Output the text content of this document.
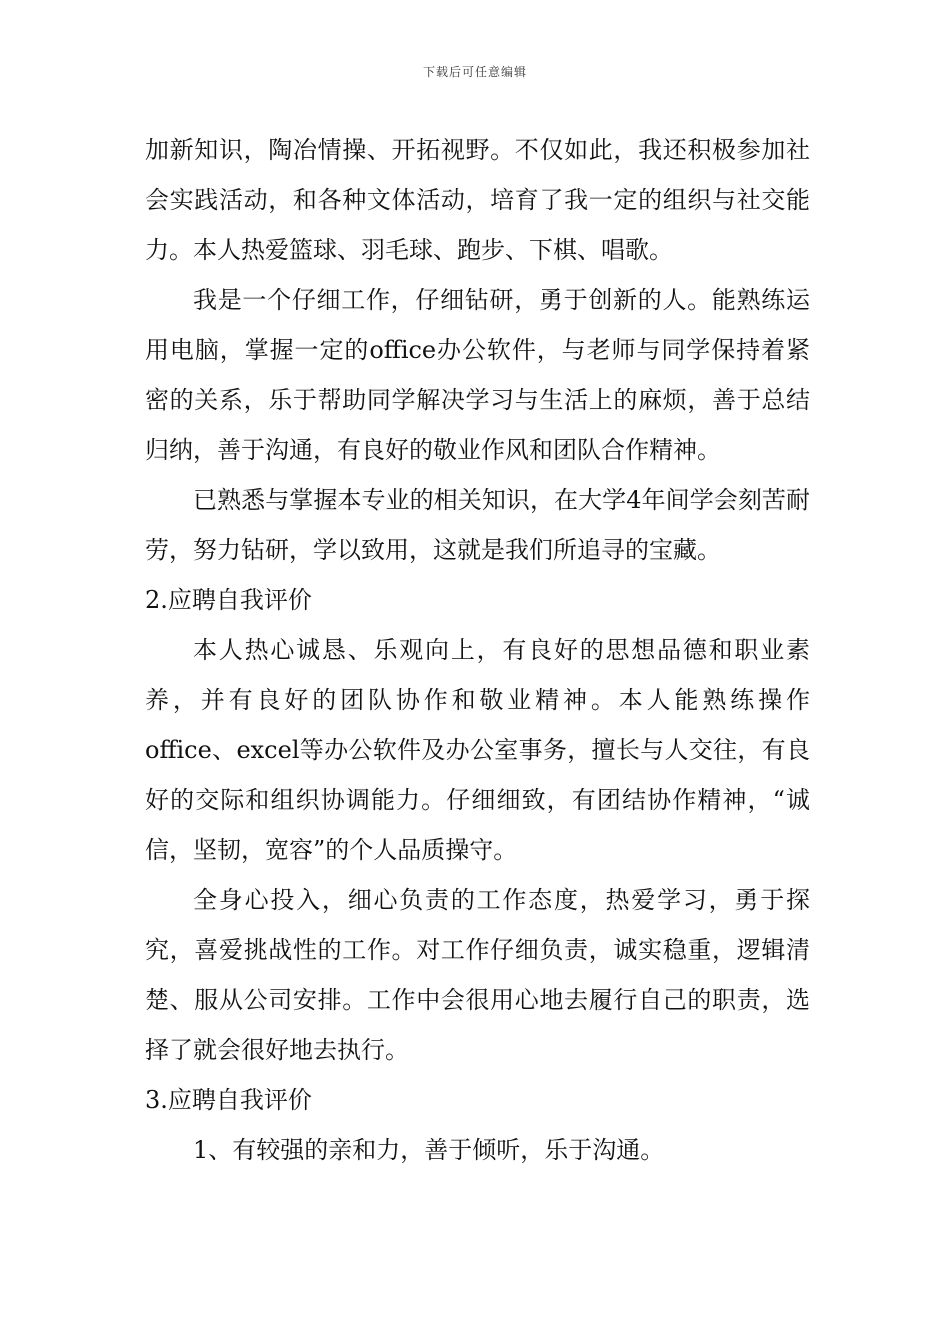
下载后可任意编辑

加新知识，陶冶情操、开拓视野。不仅如此，我还积极参加社会实践活动，和各种文体活动，培育了我一定的组织与社交能力。本人热爱篮球、羽毛球、跑步、下棋、唱歌。

我是一个仔细工作，仔细钻研，勇于创新的人。能熟练运用电脑，掌握一定的office办公软件，与老师与同学保持着紧密的关系，乐于帮助同学解决学习与生活上的麻烦，善于总结归纳，善于沟通，有良好的敬业作风和团队合作精神。

已熟悉与掌握本专业的相关知识，在大学4年间学会刻苦耐劳，努力钻研，学以致用，这就是我们所追寻的宝藏。

2.应聘自我评价

本人热心诚恳、乐观向上，有良好的思想品德和职业素养，并有良好的团队协作和敬业精神。本人能熟练操作office、excel等办公软件及办公室事务，擅长与人交往，有良好的交际和组织协调能力。仔细细致，有团结协作精神，“诚信，坚韧，宽容”的个人品质操守。

全身心投入，细心负责的工作态度，热爱学习，勇于探究，喜爱挑战性的工作。对工作仔细负责，诚实稳重，逻辑清楚、服从公司安排。工作中会很用心地去履行自己的职责，选择了就会很好地去执行。

3.应聘自我评价

1、有较强的亲和力，善于倾听，乐于沟通。
